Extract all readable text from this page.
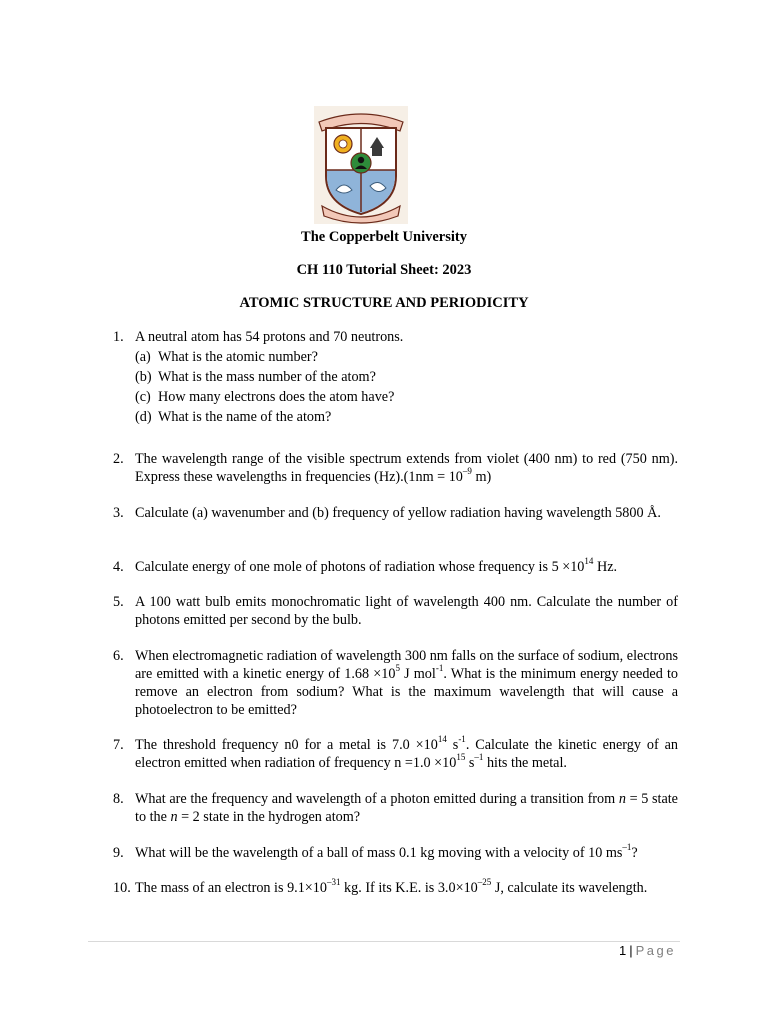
The Copperbelt University
CH 110 Tutorial Sheet: 2023
ATOMIC STRUCTURE AND PERIODICITY
1. A neutral atom has 54 protons and 70 neutrons.
(a) What is the atomic number?
(b) What is the mass number of the atom?
(c) How many electrons does the atom have?
(d) What is the name of the atom?
2. The wavelength range of the visible spectrum extends from violet (400 nm) to red (750 nm). Express these wavelengths in frequencies $(Hz).(1nm = 10^{-9}$ m)
3. Calculate (a) wavenumber and (b) frequency of yellow radiation having wavelength 5800 Å.
4. Calculate energy of one mole of photons of radiation whose frequency is $5 \times 10^{14}$ Hz.
5. A 100 watt bulb emits monochromatic light of wavelength 400 nm. Calculate the number of photons emitted per second by the bulb.
6. When electromagnetic radiation of wavelength 300 nm falls on the surface of sodium, electrons are emitted with a kinetic energy of $1.68 \times 10^5$ J mol$^{-1}$. What is the minimum energy needed to remove an electron from sodium? What is the maximum wavelength that will cause a photoelectron to be emitted?
7. The threshold frequency n0 for a metal is $7.0 \times 10^{14}$ $s^{-1}$. Calculate the kinetic energy of an electron emitted when radiation of frequency $n =1.0 \times 10^{15}$ $s^{-1}$ hits the metal.
8. What are the frequency and wavelength of a photon emitted during a transition from n = 5 state to the n = 2 state in the hydrogen atom?
9. What will be the wavelength of a ball of mass 0.1 kg moving with a velocity of 10 $ms^{-1}$?
10. The mass of an electron is $9.1\times 10^{-31}$ kg. If its K.E. is $3.0\times 10^{-25}$ J, calculate its wavelength.
1 | Page
